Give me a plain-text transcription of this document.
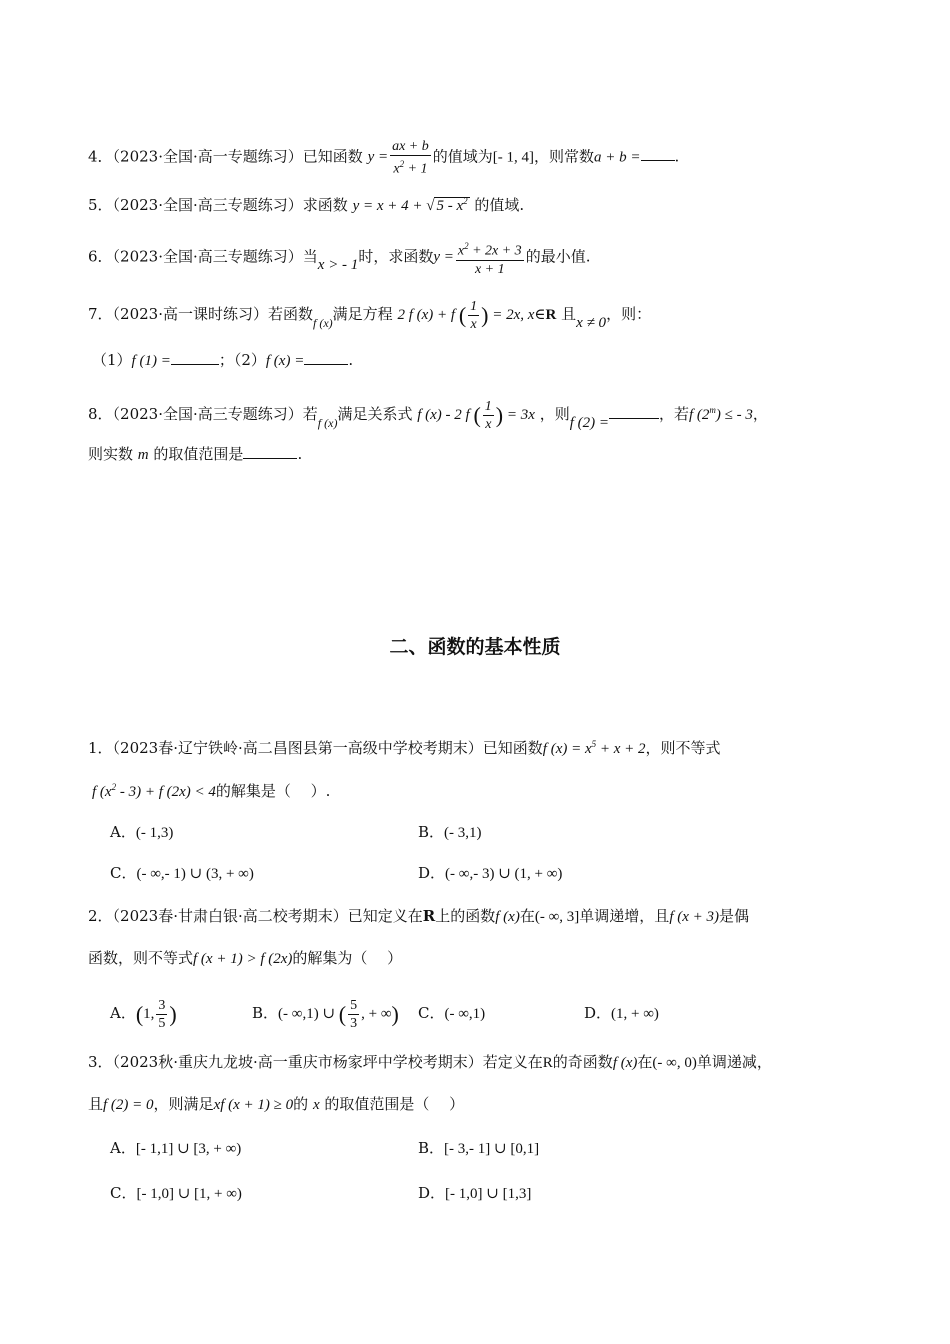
4．（2023·全国·高一专题练习）已知函数 $y = \frac{ax + b}{x^2 + 1}$ 的值域为[- 1, 4]，则常数a + b = .
5．（2023·全国·高三专题练习）求函数 y = x + 4 + √ $5 - x^2$ 的值域.
6．（2023·全国·高三专题练习）当x > - 1时，求函数$y = \frac{x^2 + 2x + 3}{x + 1}$ 的最小值.
7．（2023·高一课时练习）若函数$_{f (x)}$满足方程 2 f (x) + f ( $\frac{1}{x}$ ) = 2x, x∈R 且x ≠ 0，则：
（1）f (1) =	；（2）f (x) =	.
8．（2023·全国·高三专题练习）若$_{f (x)}$满足关系式 f (x) - 2 f ( $\frac{1}{x}$ ) = 3x ，则f (2) =	，若f $(2^m)$ ≤ - 3，
则实数 m 的取值范围是	.
二、函数的基本性质
1．（2023春·辽宁铁岭·高二昌图县第一高级中学校考期末）已知函数f $(x) = x^5 + x + 2$，则不等式
f $(x^2 - 3) + f$ (2x) < 4的解集是（　 ）.
A．(- 1,3)	B．(- 3,1)
C．(- ∞,- 1) ∪ (3, + ∞)	D．(- ∞,- 3) ∪ (1, + ∞)
2．（2023春·甘肃白银·高二校考期末）已知定义在R上的函数f (x)在(- ∞, 3]单调递增，且f (x + 3)是偶
函数，则不等式f (x + 1) > f (2x)的解集为（　 ）
A．(1, $\frac{3}{5}$ )	B．(- ∞,1) ∪ ( $\frac{5}{3}$ , + ∞) C．(- ∞,1)	D．(1, + ∞)
3．（2023秋·重庆九龙坡·高一重庆市杨家坪中学校考期末）若定义在R的奇函数f (x)在(- ∞, 0)单调递减，
且f (2) = 0，则满足xf (x + 1) ≥ 0的 x 的取值范围是（　 ）
A．[- 1,1] ∪ [3, + ∞)	B．[- 3,- 1] ∪ [0,1]
C．[- 1,0] ∪ [1, + ∞)	D．[- 1,0] ∪ [1,3]
